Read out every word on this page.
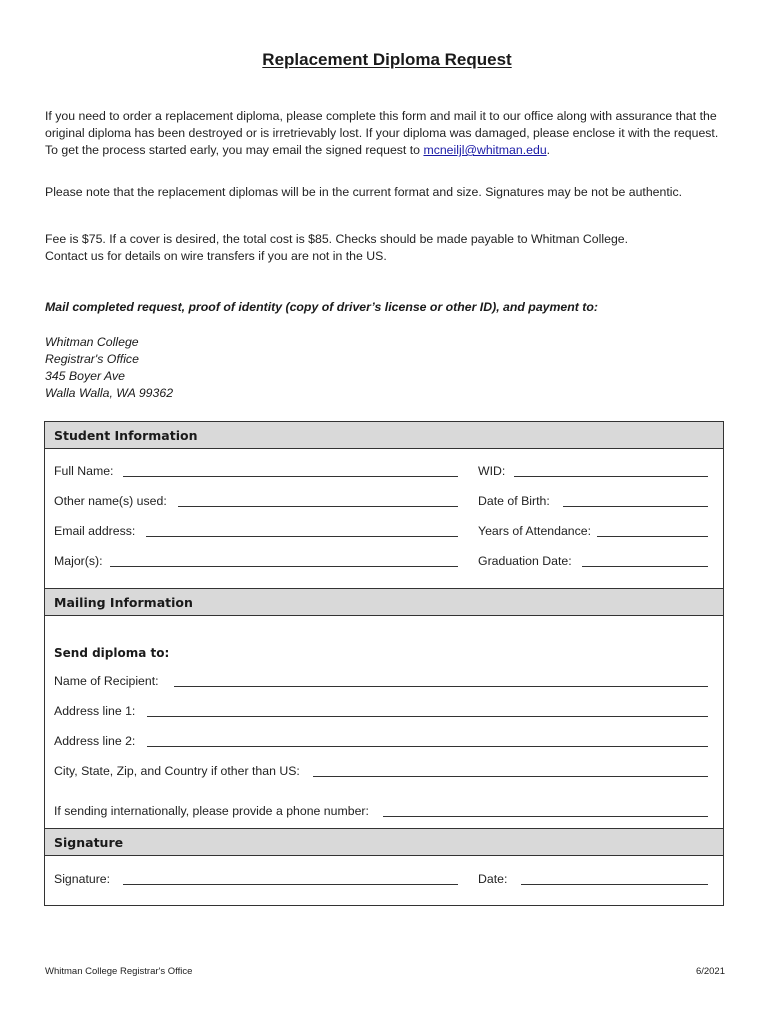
Replacement Diploma Request
If you need to order a replacement diploma, please complete this form and mail it to our office along with assurance that the original diploma has been destroyed or is irretrievably lost. If your diploma was damaged, please enclose it with the request. To get the process started early, you may email the signed request to mcneiljl@whitman.edu.
Please note that the replacement diplomas will be in the current format and size. Signatures may be not be authentic.
Fee is $75. If a cover is desired, the total cost is $85. Checks should be made payable to Whitman College.
Contact us for details on wire transfers if you are not in the US.
Mail completed request, proof of identity (copy of driver’s license or other ID), and payment to:
Whitman College
Registrar's Office
345 Boyer Ave
Walla Walla, WA 99362
Student Information
Full Name:	WID:
Other name(s) used:	Date of Birth:
Email address:	Years of Attendance:
Major(s):	Graduation Date:
Mailing Information
Send diploma to:
Name of Recipient:
Address line 1:
Address line 2:
City, State, Zip, and Country if other than US:
If sending internationally, please provide a phone number:
Signature
Signature:	Date:
Whitman College Registrar's Office	6/2021
